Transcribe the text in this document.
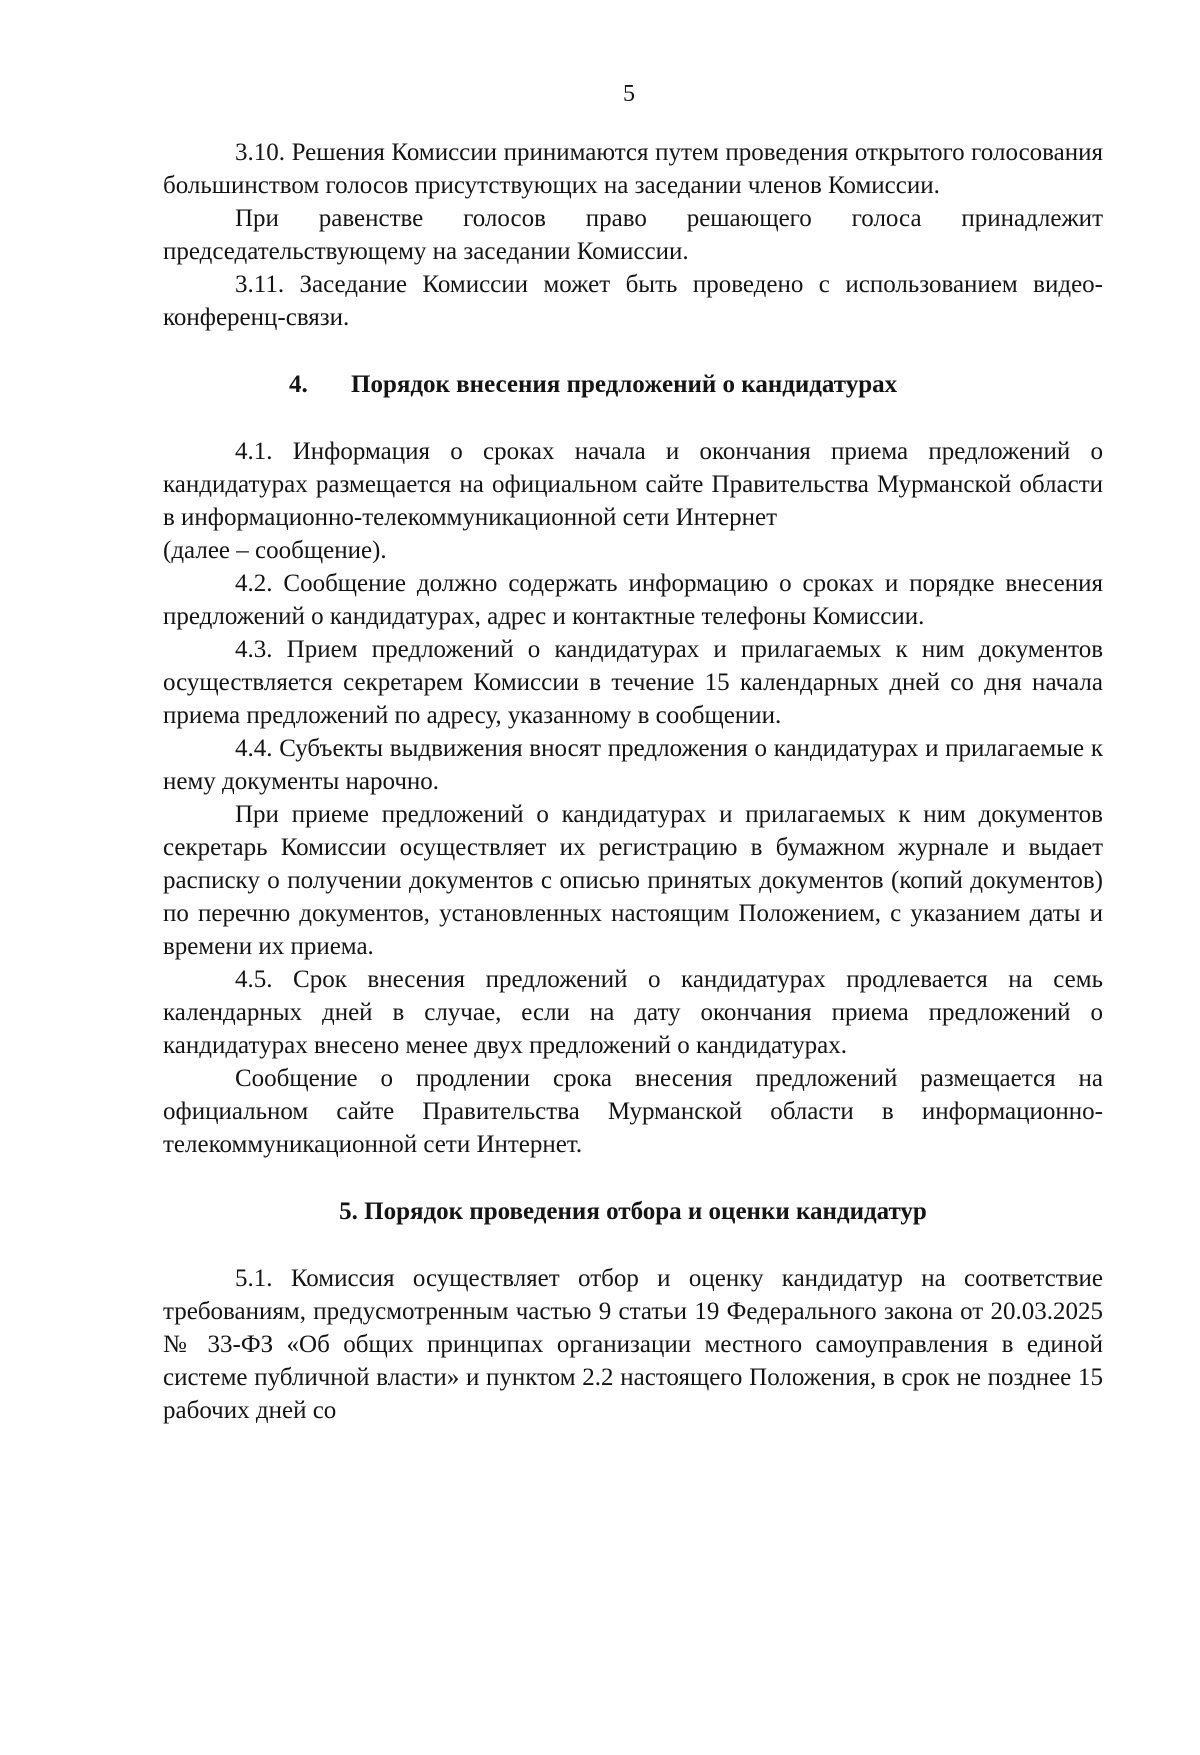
5

3.10. Решения Комиссии принимаются путем проведения открытого голосования большинством голосов присутствующих на заседании членов Комиссии.

При равенстве голосов право решающего голоса принадлежит председательствующему на заседании Комиссии.

3.11. Заседание Комиссии может быть проведено с использованием видео-конференц-связи.

4. Порядок внесения предложений о кандидатурах

4.1. Информация о сроках начала и окончания приема предложений о кандидатурах размещается на официальном сайте Правительства Мурманской области в информационно-телекоммуникационной сети Интернет

(далее – сообщение).

4.2. Сообщение должно содержать информацию о сроках и порядке внесения предложений о кандидатурах, адрес и контактные телефоны Комиссии.

4.3. Прием предложений о кандидатурах и прилагаемых к ним документов осуществляется секретарем Комиссии в течение 15 календарных дней со дня начала приема предложений по адресу, указанному в сообщении.

4.4. Субъекты выдвижения вносят предложения о кандидатурах и прилагаемые к нему документы нарочно.

При приеме предложений о кандидатурах и прилагаемых к ним документов секретарь Комиссии осуществляет их регистрацию в бумажном журнале и выдает расписку о получении документов с описью принятых документов (копий документов) по перечню документов, установленных настоящим Положением, с указанием даты и времени их приема.

4.5. Срок внесения предложений о кандидатурах продлевается на семь календарных дней в случае, если на дату окончания приема предложений о кандидатурах внесено менее двух предложений о кандидатурах.

Сообщение о продлении срока внесения предложений размещается на официальном сайте Правительства Мурманской области в информационно-телекоммуникационной сети Интернет.

5. Порядок проведения отбора и оценки кандидатур

5.1. Комиссия осуществляет отбор и оценку кандидатур на соответствие требованиям, предусмотренным частью 9 статьи 19 Федерального закона от 20.03.2025 № 33-ФЗ «Об общих принципах организации местного самоуправления в единой системе публичной власти» и пунктом 2.2 настоящего Положения, в срок не позднее 15 рабочих дней со
